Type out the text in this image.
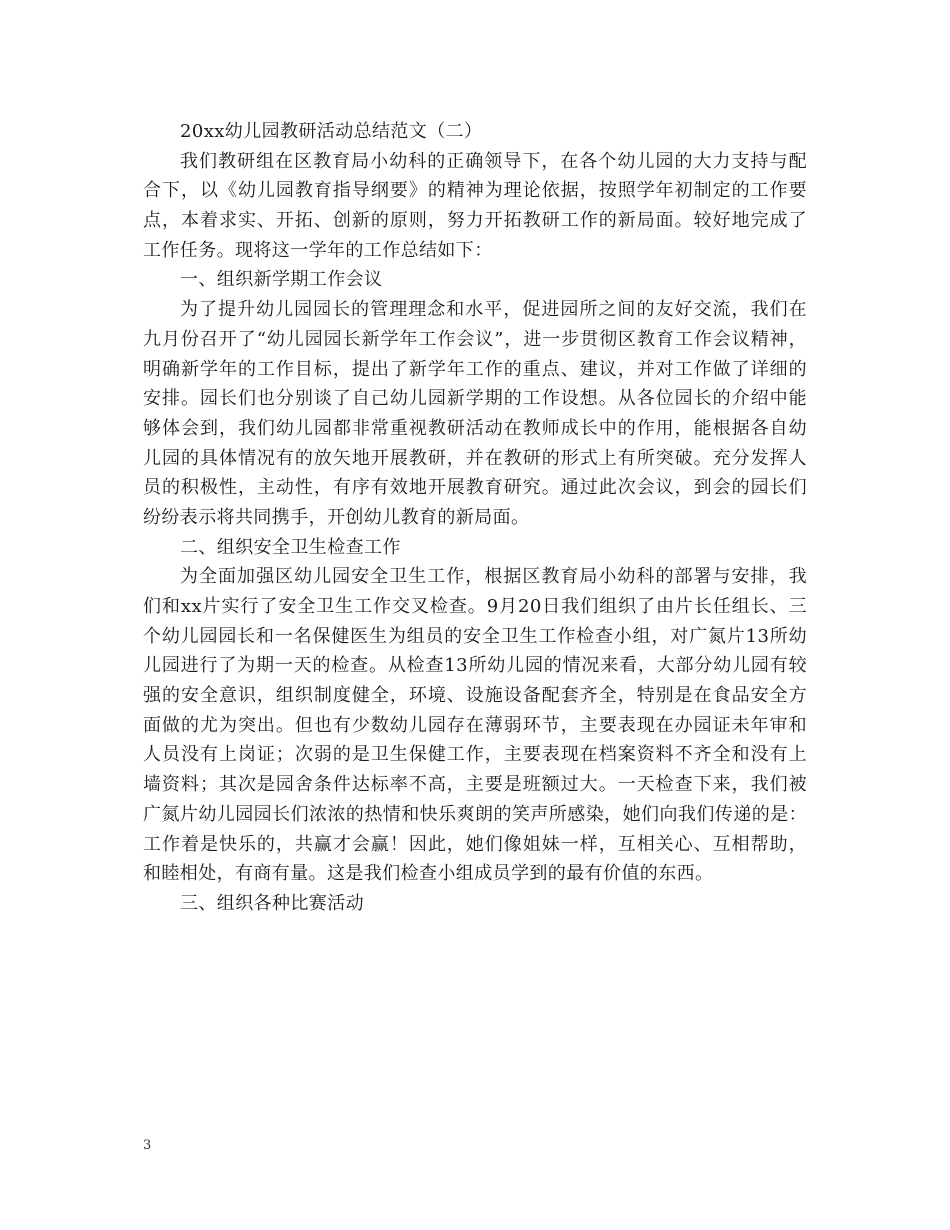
20xx幼儿园教研活动总结范文（二）
我们教研组在区教育局小幼科的正确领导下，在各个幼儿园的大力支持与配
合下，以《幼儿园教育指导纲要》的精神为理论依据，按照学年初制定的工作要
点，本着求实、开拓、创新的原则，努力开拓教研工作的新局面。较好地完成了
工作任务。现将这一学年的工作总结如下：
一、组织新学期工作会议
为了提升幼儿园园长的管理理念和水平，促进园所之间的友好交流，我们在
九月份召开了“幼儿园园长新学年工作会议”，进一步贯彻区教育工作会议精神，
明确新学年的工作目标，提出了新学年工作的重点、建议，并对工作做了详细的
安排。园长们也分别谈了自己幼儿园新学期的工作设想。从各位园长的介绍中能
够体会到，我们幼儿园都非常重视教研活动在教师成长中的作用，能根据各自幼
儿园的具体情况有的放矢地开展教研，并在教研的形式上有所突破。充分发挥人
员的积极性，主动性，有序有效地开展教育研究。通过此次会议，到会的园长们
纷纷表示将共同携手，开创幼儿教育的新局面。
二、组织安全卫生检查工作
为全面加强区幼儿园安全卫生工作，根据区教育局小幼科的部署与安排，我
们和xx片实行了安全卫生工作交叉检查。9月20日我们组织了由片长任组长、三
个幼儿园园长和一名保健医生为组员的安全卫生工作检查小组，对广氮片13所幼
儿园进行了为期一天的检查。从检查13所幼儿园的情况来看，大部分幼儿园有较
强的安全意识，组织制度健全，环境、设施设备配套齐全，特别是在食品安全方
面做的尤为突出。但也有少数幼儿园存在薄弱环节，主要表现在办园证未年审和
人员没有上岗证；次弱的是卫生保健工作，主要表现在档案资料不齐全和没有上
墙资料；其次是园舍条件达标率不高，主要是班额过大。一天检查下来，我们被
广氮片幼儿园园长们浓浓的热情和快乐爽朗的笑声所感染，她们向我们传递的是：
工作着是快乐的，共赢才会赢！因此，她们像姐妹一样，互相关心、互相帮助，
和睦相处，有商有量。这是我们检查小组成员学到的最有价值的东西。
三、组织各种比赛活动
3
